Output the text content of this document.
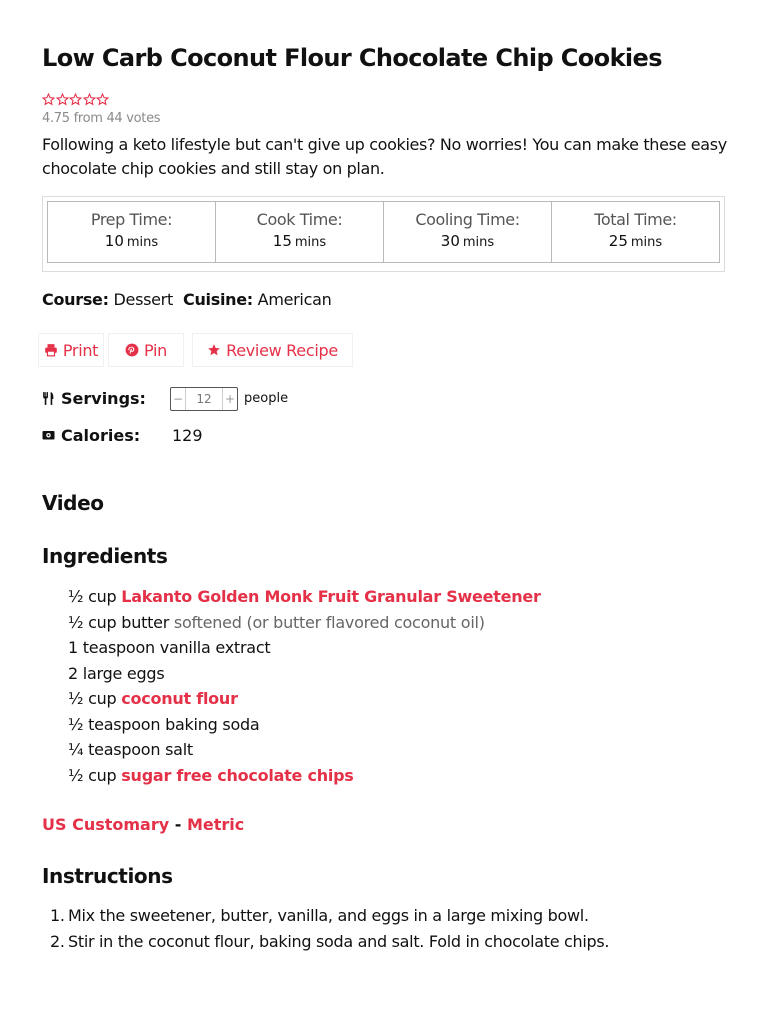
Low Carb Coconut Flour Chocolate Chip Cookies
4.75 from 44 votes

Following a keto lifestyle but can't give up cookies? No worries! You can make these easy chocolate chip cookies and still stay on plan.

Prep Time:
10 mins
Cook Time:
15 mins
Cooling Time:
30 mins
Total Time:
25 mins
Course: Dessert Cuisine: American
Print	Pin	Review Recipe
Servings: −
12	+ people
Calories: 129
Video
Ingredients
½ cup Lakanto Golden Monk Fruit Granular Sweetener
½ cup butter softened (or butter flavored coconut oil)
1 teaspoon vanilla extract
2 large eggs
½ cup coconut flour
½ teaspoon baking soda
¼ teaspoon salt
½ cup sugar free chocolate chips
US Customary - Metric
Instructions
1. Mix the sweetener, butter, vanilla, and eggs in a large mixing bowl.
2. Stir in the coconut flour, baking soda and salt. Fold in chocolate chips.
